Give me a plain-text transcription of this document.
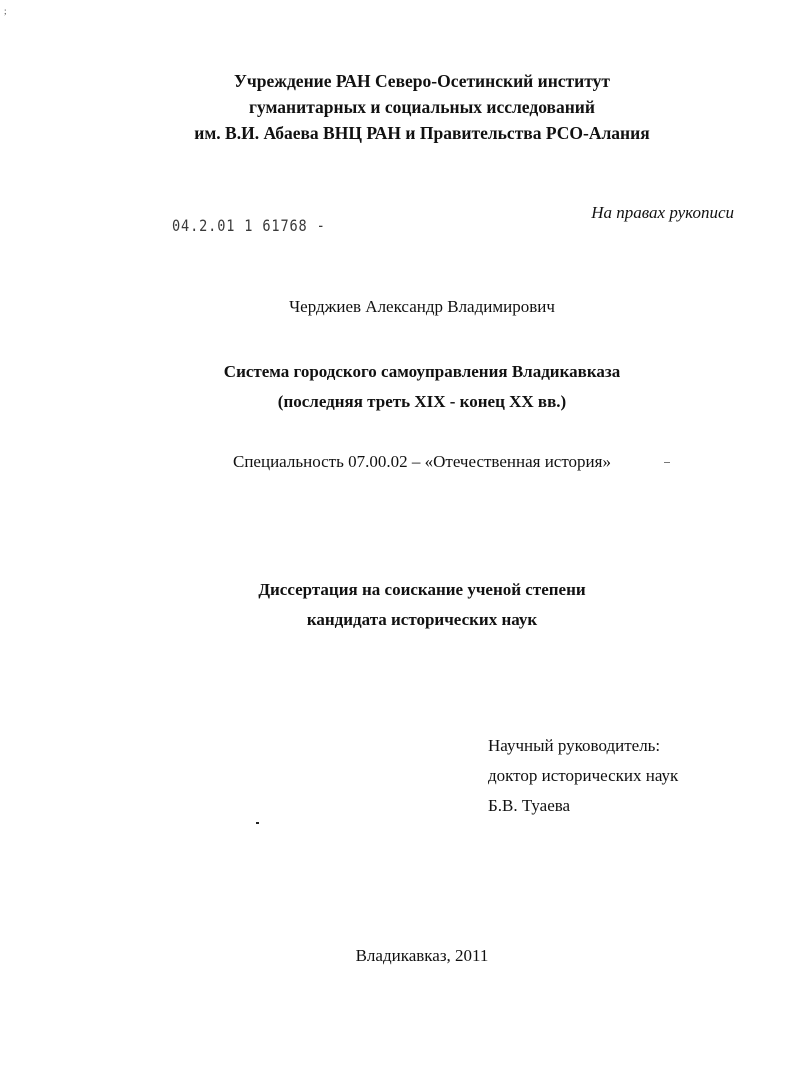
;
Учреждение РАН Северо-Осетинский институт
гуманитарных и социальных исследований
им. В.И. Абаева ВНЦ РАН и Правительства РСО-Алания
На правах рукописи
04.2.01 1 61768 -
Черджиев Александр Владимирович
Система городского самоуправления Владикавказа
(последняя треть XIX - конец XX вв.)
Специальность 07.00.02 – «Отечественная история»
Диссертация на соискание ученой степени
кандидата исторических наук
Научный руководитель:
доктор исторических наук
Б.В. Туаева
Владикавказ, 2011
